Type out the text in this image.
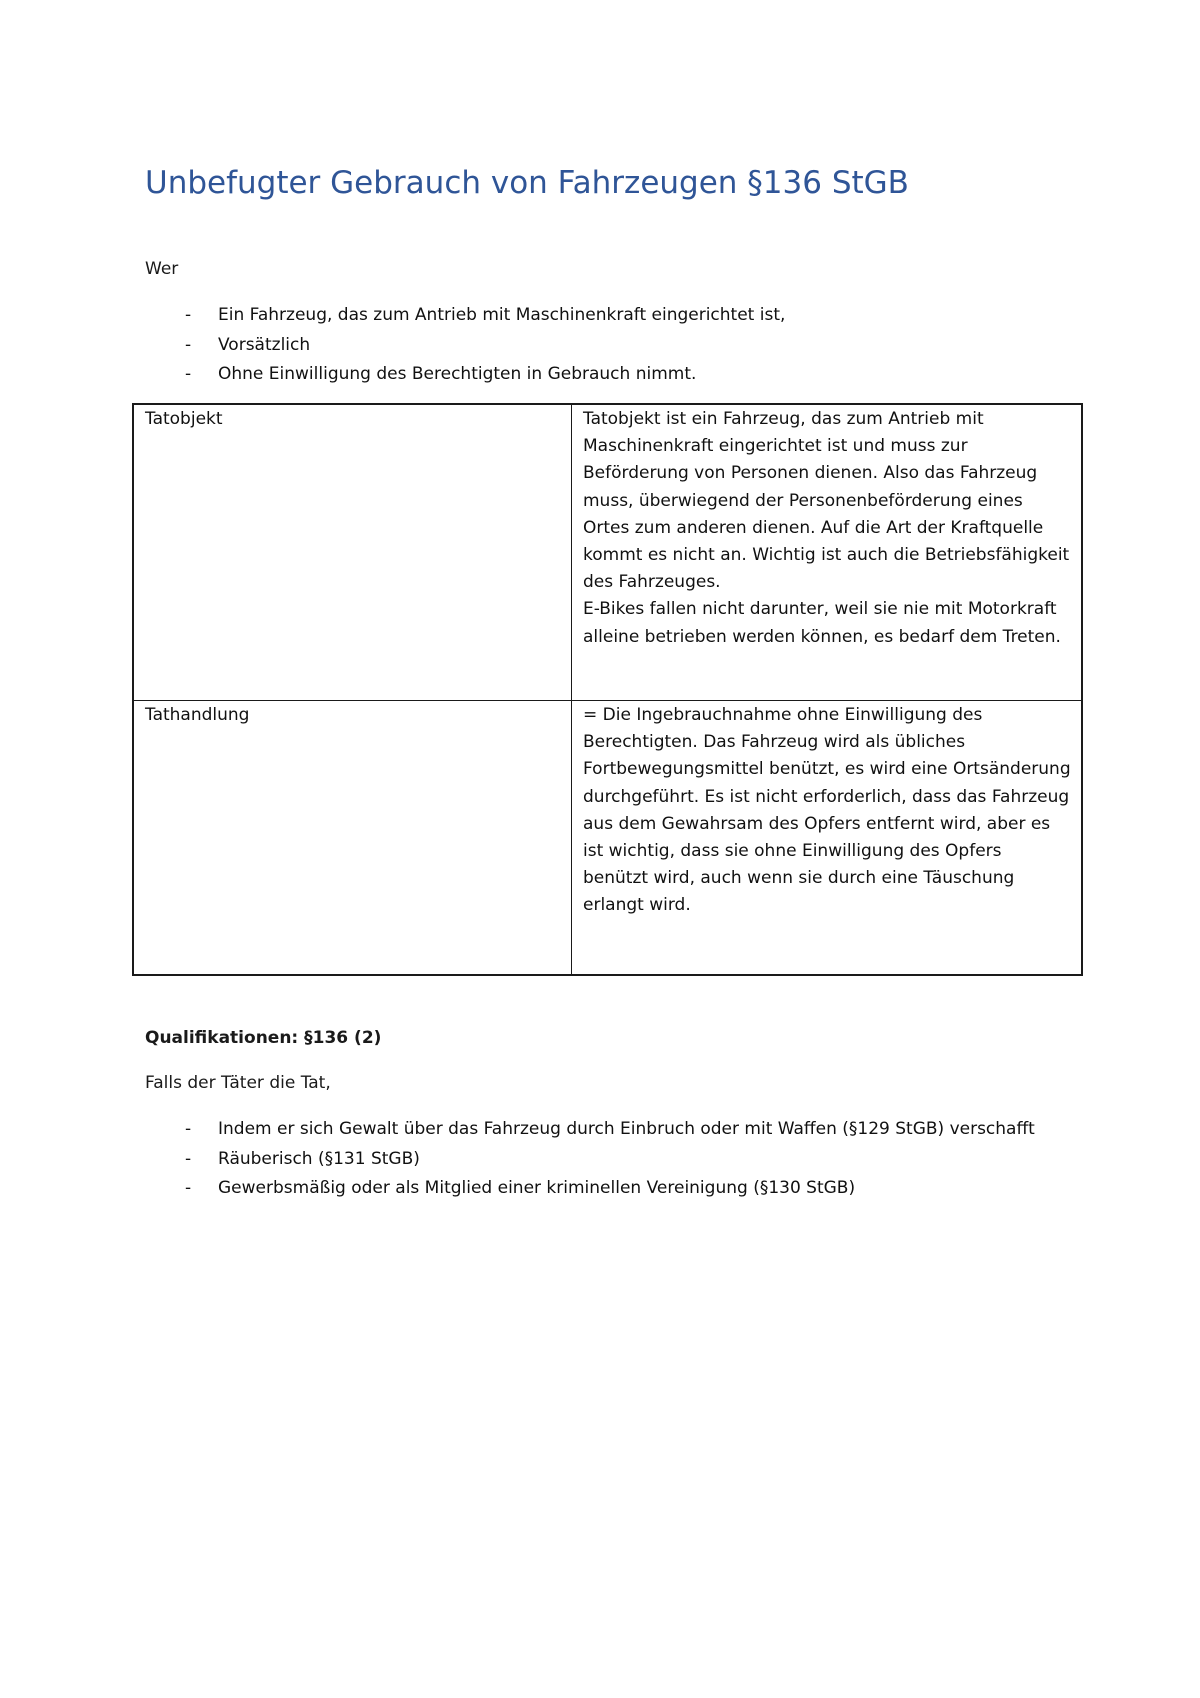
Unbefugter Gebrauch von Fahrzeugen §136 StGB
Wer
- Ein Fahrzeug, das zum Antrieb mit Maschinenkraft eingerichtet ist,
- Vorsätzlich
- Ohne Einwilligung des Berechtigten in Gebrauch nimmt.
Tatobjekt	Tatobjekt ist ein Fahrzeug, das zum Antrieb mit Maschinenkraft eingerichtet ist und muss zur Beförderung von Personen dienen. Also das Fahrzeug muss, überwiegend der Personenbeförderung eines Ortes zum anderen dienen. Auf die Art der Kraftquelle kommt es nicht an. Wichtig ist auch die Betriebsfähigkeit des Fahrzeuges.

E-Bikes fallen nicht darunter, weil sie nie mit Motorkraft alleine betrieben werden können, es bedarf dem Treten.

Tathandlung	= Die Ingebrauchnahme ohne Einwilligung des Berechtigten. Das Fahrzeug wird als übliches Fortbewegungsmittel benützt, es wird eine Ortsänderung durchgeführt. Es ist nicht erforderlich, dass das Fahrzeug aus dem Gewahrsam des Opfers entfernt wird, aber es ist wichtig, dass sie ohne Einwilligung des Opfers benützt wird, auch wenn sie durch eine Täuschung erlangt wird.

Qualifikationen: §136 (2)
Falls der Täter die Tat,
- Indem er sich Gewalt über das Fahrzeug durch Einbruch oder mit Waffen (§129 StGB) verschafft
- Räuberisch (§131 StGB)
- Gewerbsmäßig oder als Mitglied einer kriminellen Vereinigung (§130 StGB)
